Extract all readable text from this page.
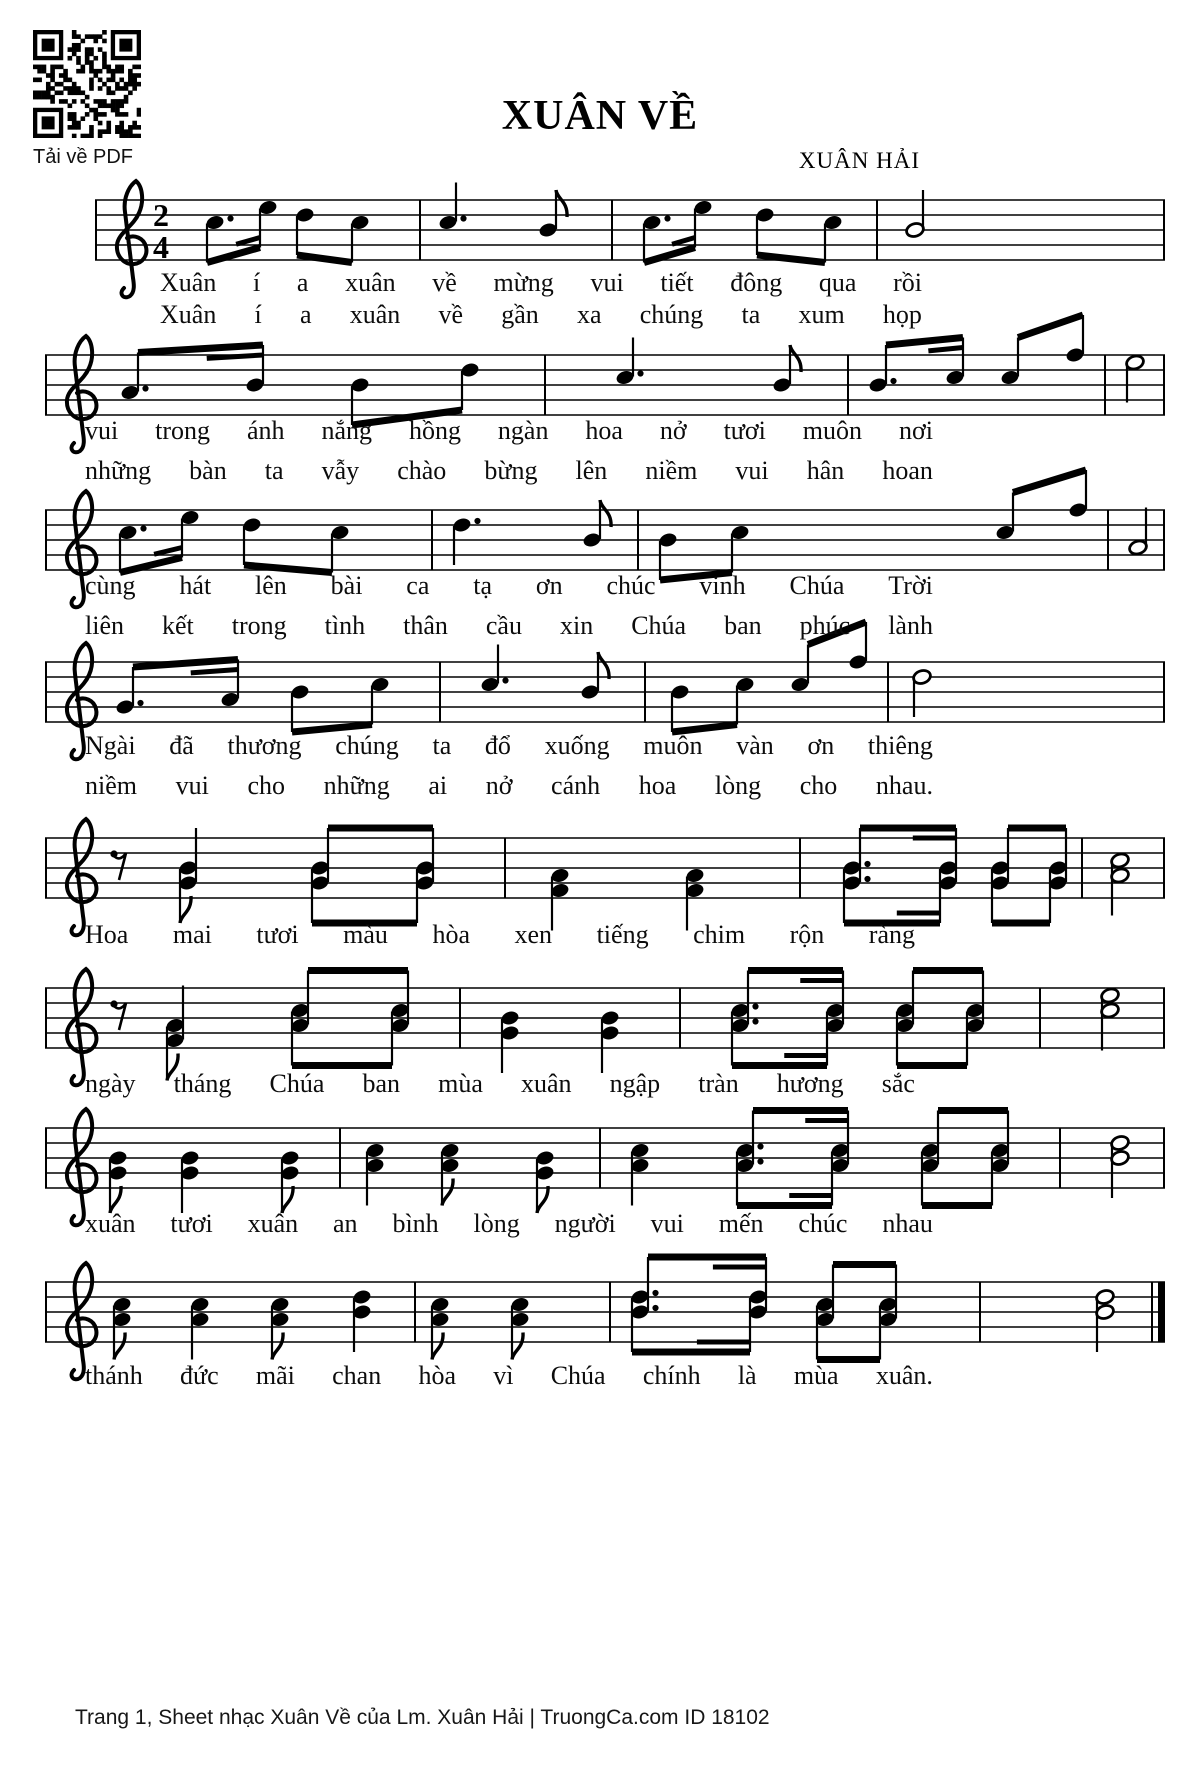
Tải về PDF
XUÂN VỀ
XUÂN HẢI
2
4
Trang 1, Sheet nhạc Xuân Về của Lm. Xuân Hải | TruongCa.com ID 18102
Xuân í a xuân về mừng vui tiết đông qua rồi
Xuân í a xuân về gần xa chúng ta xum họp
vui trong ánh nắng hồng ngàn hoa nở tươi muôn nơi
những bàn ta vẫy chào bừng lên niềm vui hân hoan
cùng hát lên bài ca tạ ơn chúc vinh Chúa Trời
liên kết trong tình thân cầu xin Chúa ban phúc lành
Ngài đã thương chúng ta đổ xuống muôn vàn ơn thiêng
niềm vui cho những ai nở cánh hoa lòng cho nhau.
Hoa mai tươi màu hòa xen tiếng chim rộn ràng
ngày tháng Chúa ban mùa xuân ngập tràn hương sắc
xuân tươi xuân an bình lòng người vui mến chúc nhau
thánh đức mãi chan hòa vì Chúa chính là mùa xuân.
